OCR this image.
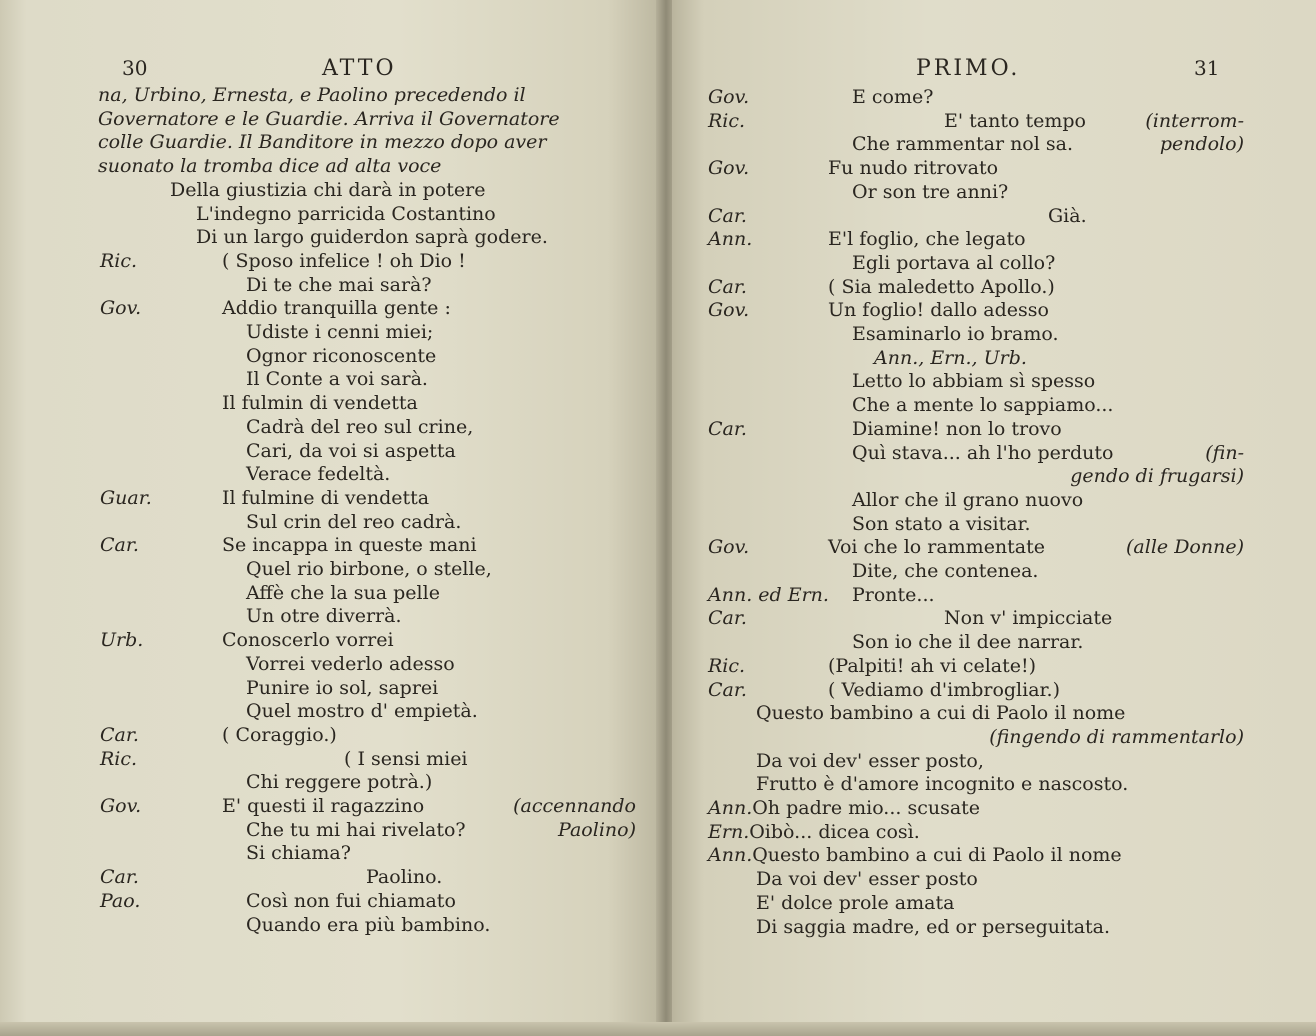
30	ATTO
na, Urbino, Ernesta, e Paolino precedendo il
Governatore e le Guardie. Arriva il Governatore
colle Guardie. Il Banditore in mezzo dopo aver
suonato la tromba dice ad alta voce
Della giustizia chi darà in potere
L'indegno parricida Costantino
Di un largo guiderdon saprà godere.
Ric.	( Sposo infelice ! oh Dio !
Di te che mai sarà?
Gov.	Addio tranquilla gente :
Udiste i cenni miei;
Ognor riconoscente
Il Conte a voi sarà.
Il fulmin di vendetta
Cadrà del reo sul crine,
Cari, da voi si aspetta
Verace fedeltà.
Guar.	Il fulmine di vendetta
Sul crin del reo cadrà.
Car.	Se incappa in queste mani
Quel rio birbone, o stelle,
Affè che la sua pelle
Un otre diverrà.
Urb.	Conoscerlo vorrei
Vorrei vederlo adesso
Punire io sol, saprei
Quel mostro d' empietà.
Car.	( Coraggio.)
Ric.	( I sensi miei
Chi reggere potrà.)
Gov.	E' questi il ragazzino	(accennando
Che tu mi hai rivelato?	Paolino)
Si chiama?
Car.	Paolino.
Pao.	Così non fui chiamato
Quando era più bambino.
PRIMO.	31
Gov.	E come?
Ric.	E' tanto tempo	(interrom-
Che rammentar nol sa.	pendolo)
Gov.	Fu nudo ritrovato
Or son tre anni?
Car.	Già.
Ann.	E'l foglio, che legato
Egli portava al collo?
Car.	( Sia maledetto Apollo.)
Gov.	Un foglio! dallo adesso
Esaminarlo io bramo.
Ann., Ern., Urb.
Letto lo abbiam sì spesso
Che a mente lo sappiamo...
Car.	Diamine! non lo trovo
Quì stava... ah l'ho perduto	(fin-
gendo di frugarsi)
Allor che il grano nuovo
Son stato a visitar.
Gov.	Voi che lo rammentate	(alle Donne)
Dite, che contenea.
Ann. ed Ern. Pronte...
Car.	Non v' impicciate
Son io che il dee narrar.
Ric.	(Palpiti! ah vi celate!)
Car.	( Vediamo d'imbrogliar.)
Questo bambino a cui di Paolo il nome
(fingendo di rammentarlo)
Da voi dev' esser posto,
Frutto è d'amore incognito e nascosto.
Ann.Oh padre mio... scusate
Ern.Oibò... dicea così.
Ann.Questo bambino a cui di Paolo il nome
Da voi dev' esser posto
E' dolce prole amata
Di saggia madre, ed or perseguitata.
